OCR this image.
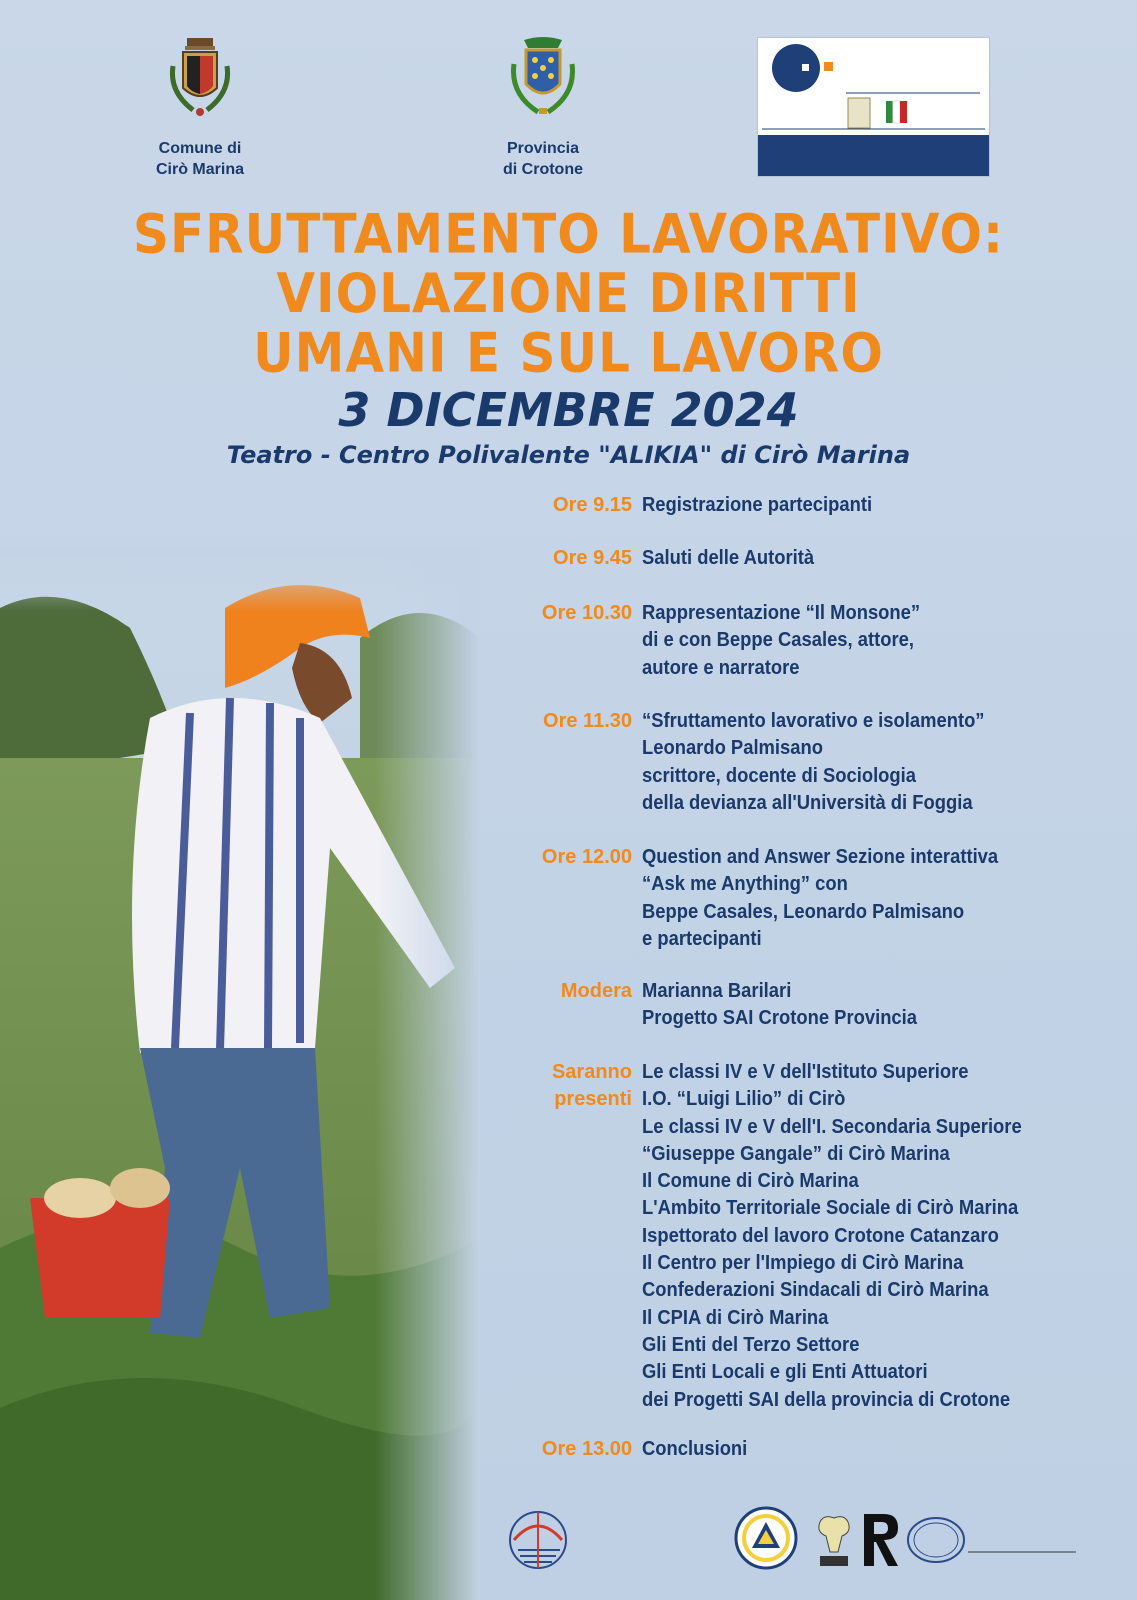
Comune di
Cirò Marina
Provincia
di Crotone
SFRUTTAMENTO LAVORATIVO:
VIOLAZIONE DIRITTI
UMANI E SUL LAVORO
3 DICEMBRE 2024
Teatro - Centro Polivalente "ALIKIA" di Cirò Marina
Ore 9.15 Registrazione partecipanti
Ore 9.45 Saluti delle Autorità
Ore 10.30 Rappresentazione “Il Monsone”
di e con Beppe Casales, attore,
autore e narratore
Ore 11.30 “Sfruttamento lavorativo e isolamento”
Leonardo Palmisano
scrittore, docente di Sociologia
della devianza all'Università di Foggia
Ore 12.00 Question and Answer Sezione interattiva
“Ask me Anything” con
Beppe Casales, Leonardo Palmisano
e partecipanti
Modera Marianna Barilari
Progetto SAI Crotone Provincia
Saranno
presenti
Le classi IV e V dell'Istituto Superiore
I.O. “Luigi Lilio” di Cirò
Le classi IV e V dell'I. Secondaria Superiore
“Giuseppe Gangale” di Cirò Marina
Il Comune di Cirò Marina
L'Ambito Territoriale Sociale di Cirò Marina
Ispettorato del lavoro Crotone Catanzaro
Il Centro per l'Impiego di Cirò Marina
Confederazioni Sindacali di Cirò Marina
Il CPIA di Cirò Marina
Gli Enti del Terzo Settore
Gli Enti Locali e gli Enti Attuatori
dei Progetti SAI della provincia di Crotone
Ore 13.00 Conclusioni
